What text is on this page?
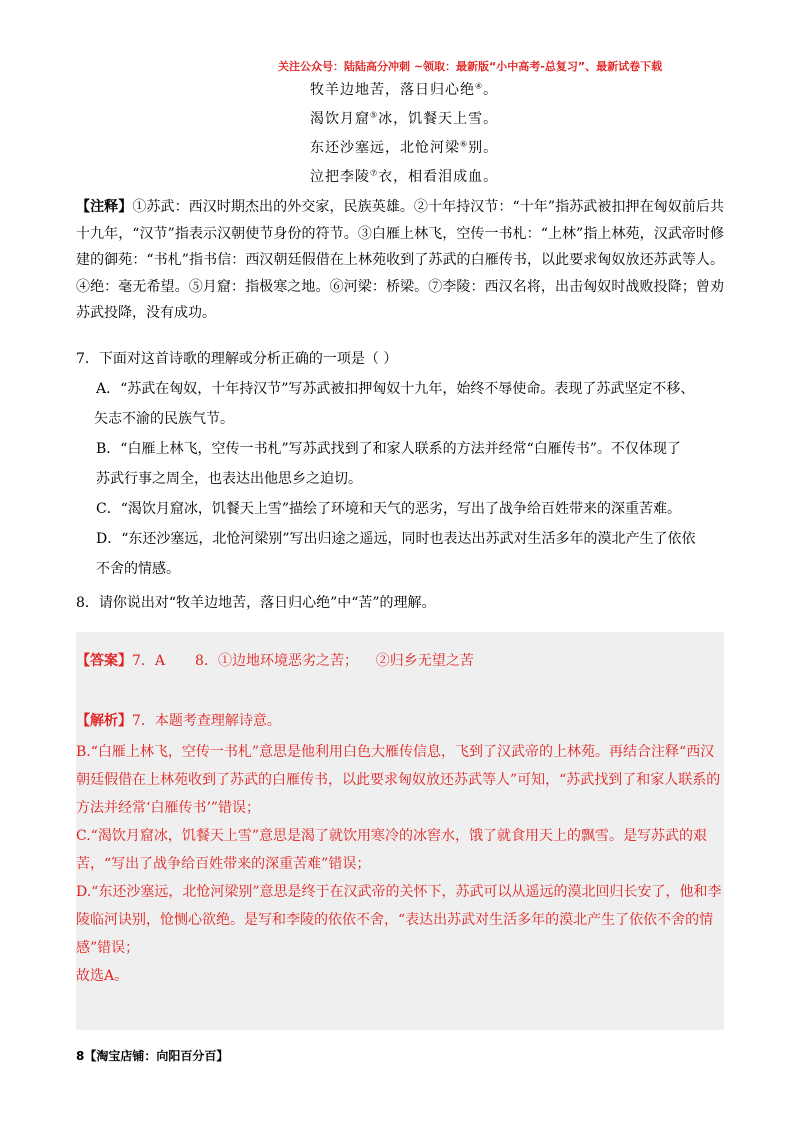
关注公众号：陆陆高分冲刺 ~领取：最新版“小中高考-总复习”、最新试卷下载
牧羊边地苦，落日归心绝④。
渴饮月窟⑤冰，饥餐天上雪。
东还沙塞远，北怆河梁⑥别。
泣把李陵⑦衣，相看泪成血。
【注释】①苏武：西汉时期杰出的外交家，民族英雄。②十年持汉节：“十年”指苏武被扣押在匈奴前后共十九年，“汉节”指表示汉朝使节身份的符节。③白雁上林飞，空传一书札：“上林”指上林苑，汉武帝时修建的御苑：“书札”指书信：西汉朝廷假借在上林苑收到了苏武的白雁传书，以此要求匈奴放还苏武等人。④绝：毫无希望。⑤月窟：指极寒之地。⑥河梁：桥梁。⑦李陵：西汉名将，出击匈奴时战败投降；曾劝苏武投降，没有成功。
7．下面对这首诗歌的理解或分析正确的一项是（ ）
A．“苏武在匈奴，十年持汉节”写苏武被扣押匈奴十九年，始终不辱使命。表现了苏武坚定不移、
矢志不渝的民族气节。
B．“白雁上林飞，空传一书札”写苏武找到了和家人联系的方法并经常“白雁传书”。不仅体现了
苏武行事之周全，也表达出他思乡之迫切。
C．“渴饮月窟冰，饥餐天上雪”描绘了环境和天气的恶劣，写出了战争给百姓带来的深重苦难。
D．“东还沙塞远，北怆河梁别”写出归途之遥远，同时也表达出苏武对生活多年的漠北产生了依依
不舍的情感。
8．请你说出对“牧羊边地苦，落日归心绝”中“苦”的理解。
【答案】7．A 8．①边地环境恶劣之苦；    ②归乡无望之苦
【解析】7．本题考查理解诗意。

B.“白雁上林飞，空传一书札”意思是他利用白色大雁传信息，飞到了汉武帝的上林苑。再结合注释“西汉朝廷假借在上林苑收到了苏武的白雁传书，以此要求匈奴放还苏武等人”可知，“苏武找到了和家人联系的方法并经常‘白雁传书’”错误；

C.“渴饮月窟冰，饥餐天上雪”意思是渴了就饮用寒冷的冰窖水，饿了就食用天上的飘雪。是写苏武的艰苦，“写出了战争给百姓带来的深重苦难”错误；

D.“东还沙塞远，北怆河梁别”意思是终于在汉武帝的关怀下，苏武可以从遥远的漠北回归长安了，他和李陵临河诀别，怆恻心欲绝。是写和李陵的依依不舍，“表达出苏武对生活多年的漠北产生了依依不舍的情感”错误；

故选A。

8【淘宝店铺：向阳百分百】
